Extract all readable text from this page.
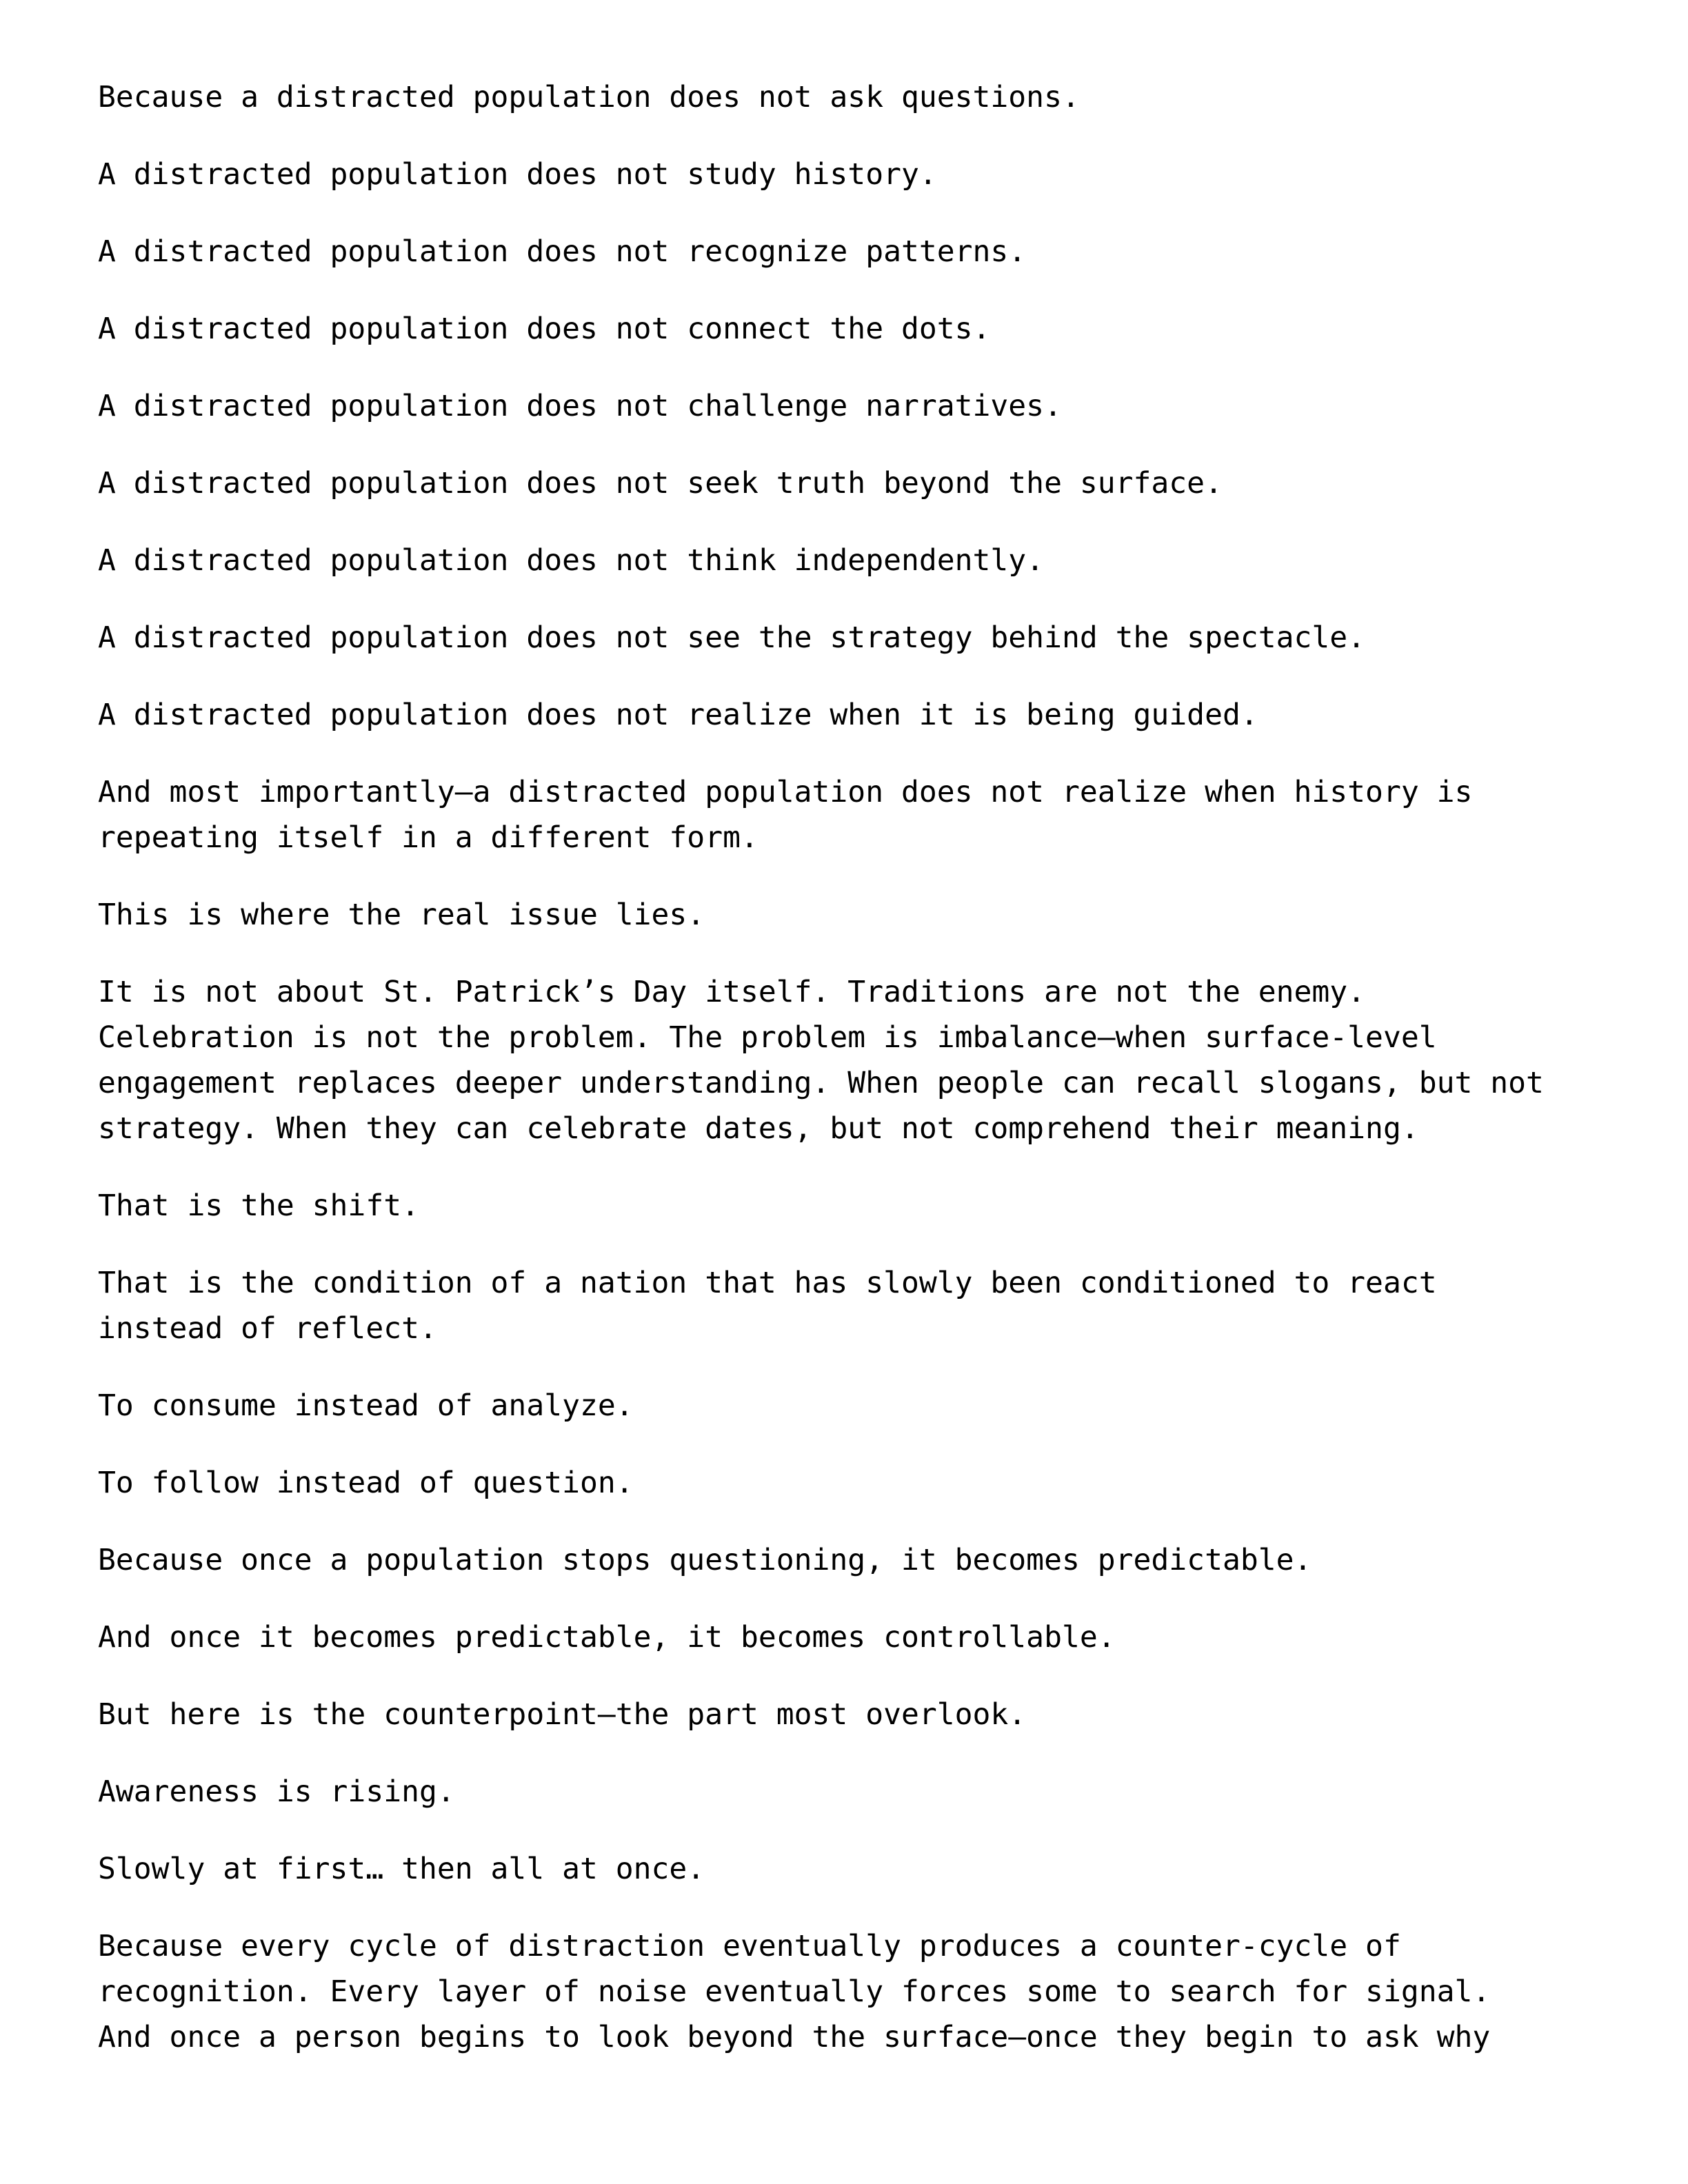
Because a distracted population does not ask questions.

A distracted population does not study history.

A distracted population does not recognize patterns.

A distracted population does not connect the dots.

A distracted population does not challenge narratives.

A distracted population does not seek truth beyond the surface.

A distracted population does not think independently.

A distracted population does not see the strategy behind the spectacle.

A distracted population does not realize when it is being guided.

And most importantly—a distracted population does not realize when history is repeating itself in a different form.

This is where the real issue lies.

It is not about St. Patrick’s Day itself. Traditions are not the enemy. Celebration is not the problem. The problem is imbalance—when surface-level engagement replaces deeper understanding. When people can recall slogans, but not strategy. When they can celebrate dates, but not comprehend their meaning.

That is the shift.

That is the condition of a nation that has slowly been conditioned to react instead of reflect.

To consume instead of analyze.

To follow instead of question.

Because once a population stops questioning, it becomes predictable.

And once it becomes predictable, it becomes controllable.

But here is the counterpoint—the part most overlook.

Awareness is rising.

Slowly at first… then all at once.

Because every cycle of distraction eventually produces a counter-cycle of recognition. Every layer of noise eventually forces some to search for signal. And once a person begins to look beyond the surface—once they begin to ask why
